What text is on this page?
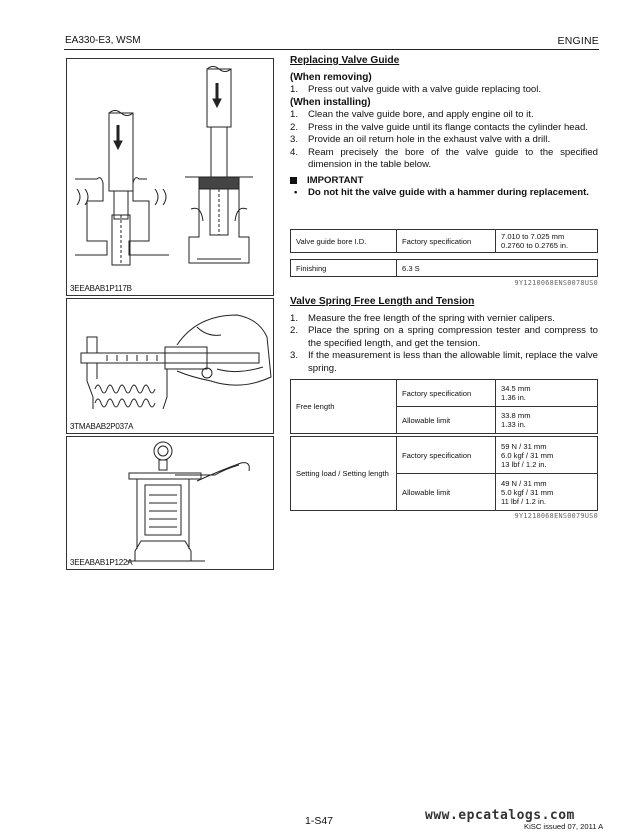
EA330-E3, WSM	ENGINE
3EEABAB1P117B
3TMABAB2P037A
3EEABAB1P122A
Replacing Valve Guide
(When removing)
1.	Press out valve guide with a valve guide replacing tool.
(When installing)
1.	Clean the valve guide bore, and apply engine oil to it.
2.	Press in the valve guide until its flange contacts the cylinder head.
3.	Provide an oil return hole in the exhaust valve with a drill.
4.	Ream precisely the bore of the valve guide to the specified dimension in the table below.
IMPORTANT
•	Do not hit the valve guide with a hammer during replacement.
Valve guide bore I.D.	Factory specification	7.010 to 7.025 mm
0.2760 to 0.2765 in.
Finishing	6.3 S
9Y1210068ENS0078US0
Valve Spring Free Length and Tension
1.	Measure the free length of the spring with vernier calipers.
2.	Place the spring on a spring compression tester and compress to the specified length, and get the tension.
3.	If the measurement is less than the allowable limit, replace the valve spring.
Free length	Factory specification	34.5 mm
1.36 in.

	Allowable limit	33.8 mm
1.33 in.
Setting load / Setting length	Factory specification	59 N / 31 mm
6.0 kgf / 31 mm
13 lbf / 1.2 in.

	Allowable limit	49 N / 31 mm
5.0 kgf / 31 mm
11 lbf / 1.2 in.
9Y1210068ENS0079US0
1-S47	www.epcatalogs.com
KiSC issued 07, 2011 A
